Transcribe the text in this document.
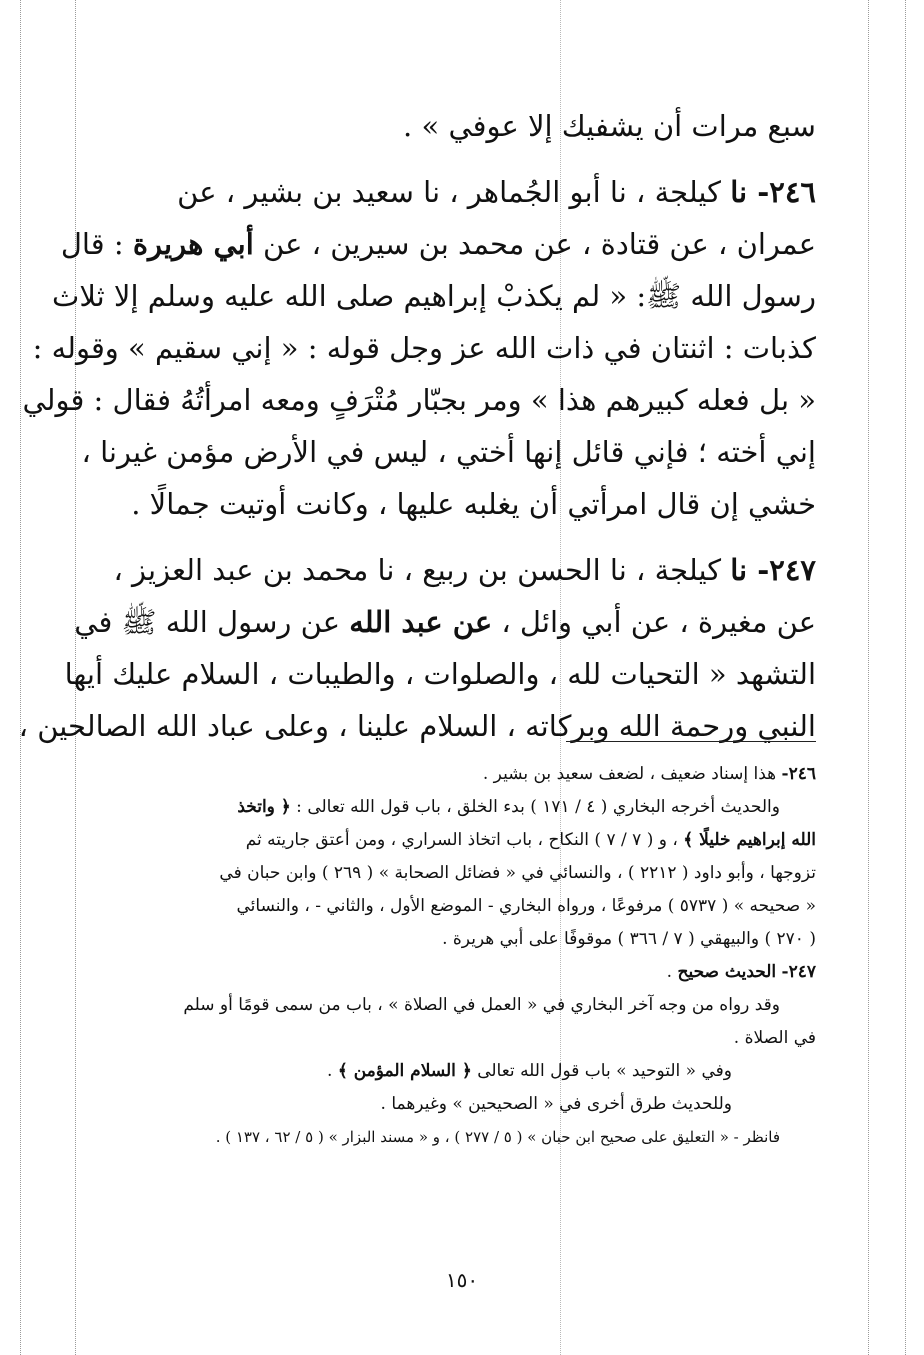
سبع مرات أن يشفيك إلا عوفي » .
٢٤٦- نا كيلجة ، نا أبو الجُماهر ، نا سعيد بن بشير ، عن
عمران ، عن قتادة ، عن محمد بن سيرين ، عن أبي هريرة : قال
رسول الله ﷺ: « لم يكذبْ إبراهيم صلى الله عليه وسلم إلا ثلاث
كذبات : اثنتان في ذات الله عز وجل قوله : « إني سقيم » وقوله :
« بل فعله كبيرهم هذا » ومر بجبّار مُتْرَفٍ ومعه امرأتُهُ فقال : قولي
إني أخته ؛ فإني قائل إنها أختي ، ليس في الأرض مؤمن غيرنا ،
خشي إن قال امرأتي أن يغلبه عليها ، وكانت أوتيت جمالًا .
٢٤٧- نا كيلجة ، نا الحسن بن ربيع ، نا محمد بن عبد العزيز ،
عن مغيرة ، عن أبي وائل ، عن عبد الله عن رسول الله ﷺ في
التشهد « التحيات لله ، والصلوات ، والطيبات ، السلام عليك أيها
النبي ورحمة الله وبركاته ، السلام علينا ، وعلى عباد الله الصالحين ،
٢٤٦- هذا إسناد ضعيف ، لضعف سعيد بن بشير .
والحديث أخرجه البخاري ( ٤ / ١٧١ ) بدء الخلق ، باب قول الله تعالى : ﴿ واتخذ
الله إبراهيم خليلًا ﴾ ، و ( ٧ / ٧ ) النكاح ، باب اتخاذ السراري ، ومن أعتق جاريته ثم
تزوجها ، وأبو داود ( ٢٢١٢ ) ، والنسائي في « فضائل الصحابة » ( ٢٦٩ ) وابن حبان في
« صحيحه » ( ٥٧٣٧ ) مرفوعًا ، ورواه البخاري - الموضع الأول ، والثاني - ، والنسائي
( ٢٧٠ ) والبيهقي ( ٧ / ٣٦٦ ) موقوفًا على أبي هريرة .
٢٤٧- الحديث صحيح .
وقد رواه من وجه آخر البخاري في « العمل في الصلاة » ، باب من سمى قومًا أو سلم
في الصلاة .
وفي « التوحيد » باب قول الله تعالى ﴿ السلام المؤمن ﴾ .
وللحديث طرق أخرى في « الصحيحين » وغيرهما .
فانظر - « التعليق على صحيح ابن حبان » ( ٥ / ٢٧٧ ) ، و « مسند البزار » ( ٥ / ٦٢ ، ١٣٧ ) .
١٥٠
